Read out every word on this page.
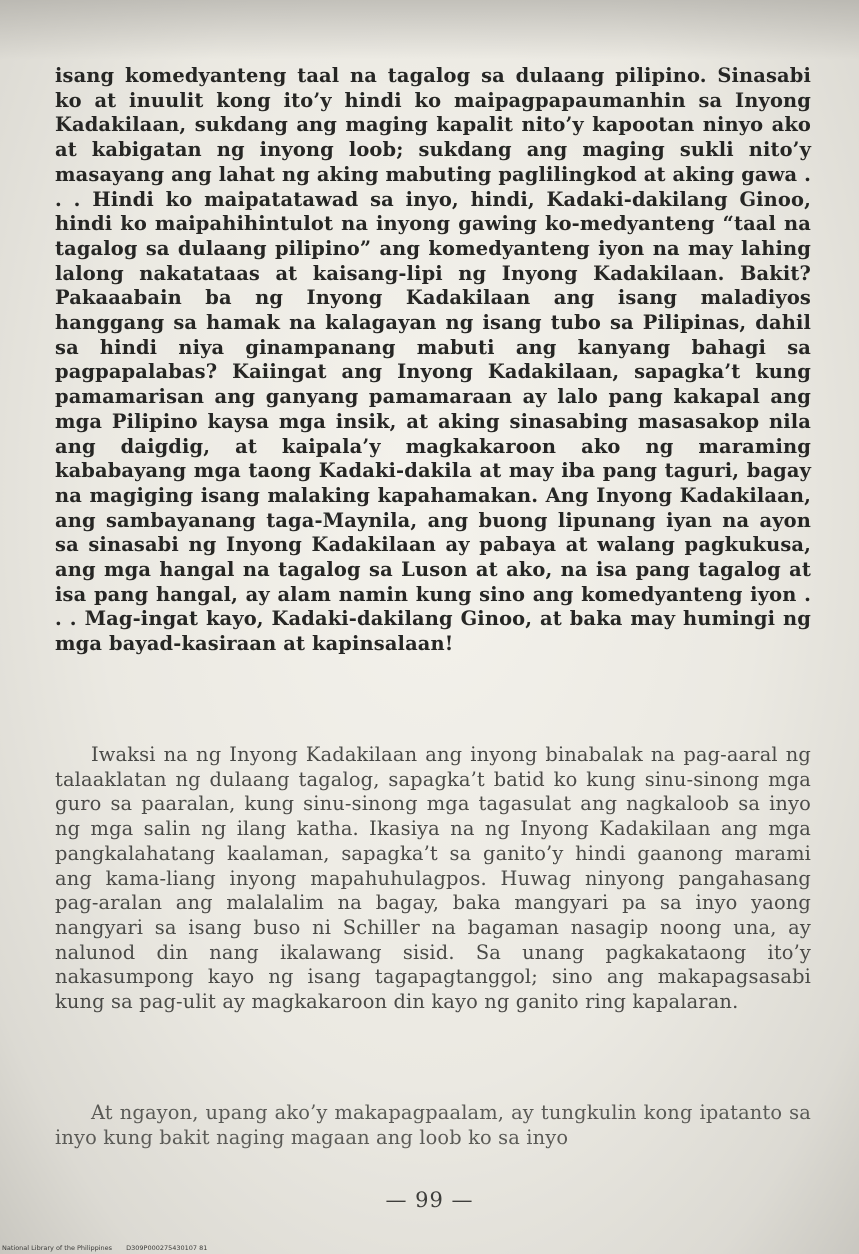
isang komedyanteng taal na tagalog sa dulaang pilipino. Sinasabi ko at inuulit kong ito’y hindi ko maipagpapaumanhin sa Inyong Kadakilaan, sukdang ang maging kapalit nito’y kapootan ninyo ako at kabigatan ng inyong loob; sukdang ang maging sukli nito’y masayang ang lahat ng aking mabuting paglilingkod at aking gawa . . . Hindi ko maipatatawad sa inyo, hindi, Kadaki-dakilang Ginoo, hindi ko maipahihintulot na inyong gawing ko-medyanteng “taal na tagalog sa dulaang pilipino” ang komedyanteng iyon na may lahing lalong nakatataas at kaisang-lipi ng Inyong Kadakilaan. Bakit? Pakaaabain ba ng Inyong Kadakilaan ang isang maladiyos hanggang sa hamak na kalagayan ng isang tubo sa Pilipinas, dahil sa hindi niya ginampanang mabuti ang kanyang bahagi sa pagpapalabas? Kaiingat ang Inyong Kadakilaan, sapagka’t kung pamamarisan ang ganyang pamamaraan ay lalo pang kakapal ang mga Pilipino kaysa mga insik, at aking sinasabing masasakop nila ang daigdig, at kaipala’y magkakaroon ako ng maraming kababayang mga taong Kadaki-dakila at may iba pang taguri, bagay na magiging isang malaking kapahamakan. Ang Inyong Kadakilaan, ang sambayanang taga-Maynila, ang buong lipunang iyan na ayon sa sinasabi ng Inyong Kadakilaan ay pabaya at walang pagkukusa, ang mga hangal na tagalog sa Luson at ako, na isa pang tagalog at isa pang hangal, ay alam namin kung sino ang komedyanteng iyon . . . Mag-ingat kayo, Kadaki-dakilang Ginoo, at baka may humingi ng mga bayad-kasiraan at kapinsalaan!

Iwaksi na ng Inyong Kadakilaan ang inyong binabalak na pag-aaral ng talaaklatan ng dulaang tagalog, sapagka’t batid ko kung sinu-sinong mga guro sa paaralan, kung sinu-sinong mga tagasulat ang nagkaloob sa inyo ng mga salin ng ilang katha. Ikasiya na ng Inyong Kadakilaan ang mga pangkalahatang kaalaman, sapagka’t sa ganito’y hindi gaanong marami ang kama-liang inyong mapahuhulagpos. Huwag ninyong pangahasang pag-aralan ang malalalim na bagay, baka mangyari pa sa inyo yaong nangyari sa isang buso ni Schiller na bagaman nasagip noong una, ay nalunod din nang ikalawang sisid. Sa unang pagkakataong ito’y nakasumpong kayo ng isang tagapagtanggol; sino ang makapagsasabi kung sa pag-ulit ay magkakaroon din kayo ng ganito ring kapalaran.

At ngayon, upang ako’y makapagpaalam, ay tungkulin kong ipatanto sa inyo kung bakit naging magaan ang loob ko sa inyo

— 99 —
National Library of the Philippines D309P000275430107 81
